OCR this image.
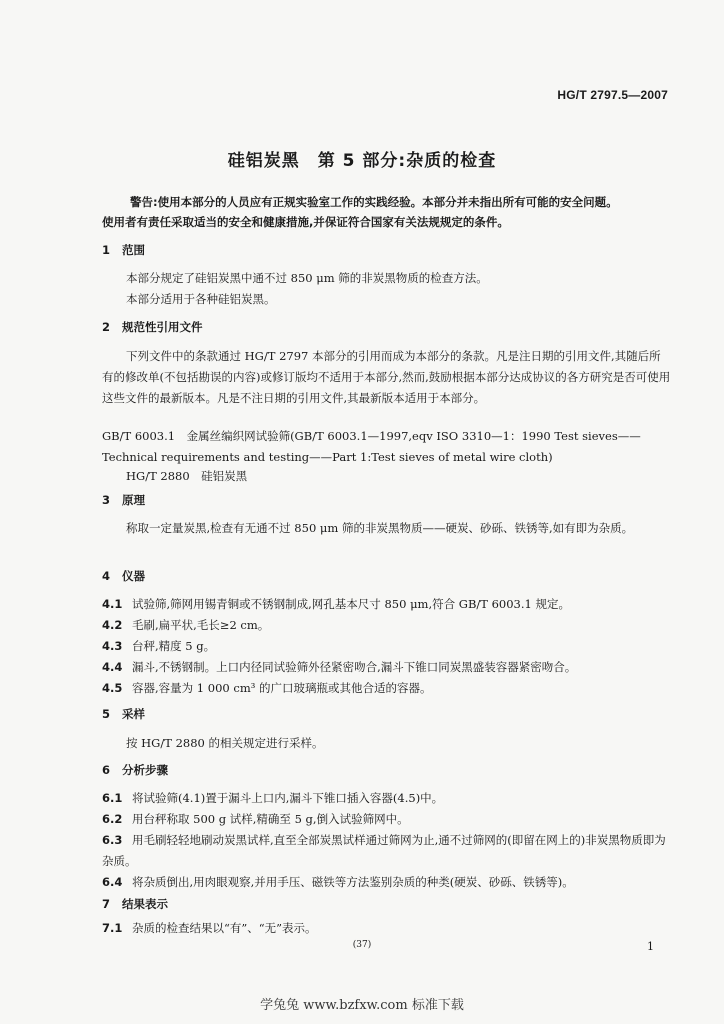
HG/T 2797.5—2007
硅铝炭黑　第 5 部分:杂质的检查
警告:使用本部分的人员应有正规实验室工作的实践经验。本部分并未指出所有可能的安全问题。
使用者有责任采取适当的安全和健康措施,并保证符合国家有关法规规定的条件。
1 范围
本部分规定了硅铝炭黑中通不过 850 μm 筛的非炭黑物质的检查方法。
本部分适用于各种硅铝炭黑。
2 规范性引用文件
下列文件中的条款通过 HG/T 2797 本部分的引用而成为本部分的条款。凡是注日期的引用文件,其随后所有的修改单(不包括勘误的内容)或修订版均不适用于本部分,然而,鼓励根据本部分达成协议的各方研究是否可使用这些文件的最新版本。凡是不注日期的引用文件,其最新版本适用于本部分。
GB/T 6003.1　金属丝编织网试验筛(GB/T 6003.1—1997,eqv ISO 3310—1：1990 Test sieves——Technical requirements and testing——Part 1:Test sieves of metal wire cloth)
HG/T 2880　硅铝炭黑
3 原理
称取一定量炭黑,检查有无通不过 850 μm 筛的非炭黑物质——硬炭、砂砾、铁锈等,如有即为杂质。
4 仪器
4.1 试验筛,筛网用锡青铜或不锈钢制成,网孔基本尺寸 850 μm,符合 GB/T 6003.1 规定。
4.2 毛刷,扁平状,毛长≥2 cm。
4.3 台秤,精度 5 g。
4.4 漏斗,不锈钢制。上口内径同试验筛外径紧密吻合,漏斗下锥口同炭黑盛装容器紧密吻合。
4.5 容器,容量为 1 000 cm³ 的广口玻璃瓶或其他合适的容器。
5 采样
按 HG/T 2880 的相关规定进行采样。
6 分析步骤
6.1 将试验筛(4.1)置于漏斗上口内,漏斗下锥口插入容器(4.5)中。
6.2 用台秤称取 500 g 试样,精确至 5 g,倒入试验筛网中。
6.3 用毛刷轻轻地刷动炭黑试样,直至全部炭黑试样通过筛网为止,通不过筛网的(即留在网上的)非炭黑物质即为杂质。
6.4 将杂质倒出,用肉眼观察,并用手压、磁铁等方法鉴别杂质的种类(硬炭、砂砾、铁锈等)。
7 结果表示
7.1 杂质的检查结果以“有”、“无”表示。
(37)	1
学兔兔 www.bzfxw.com 标准下载
